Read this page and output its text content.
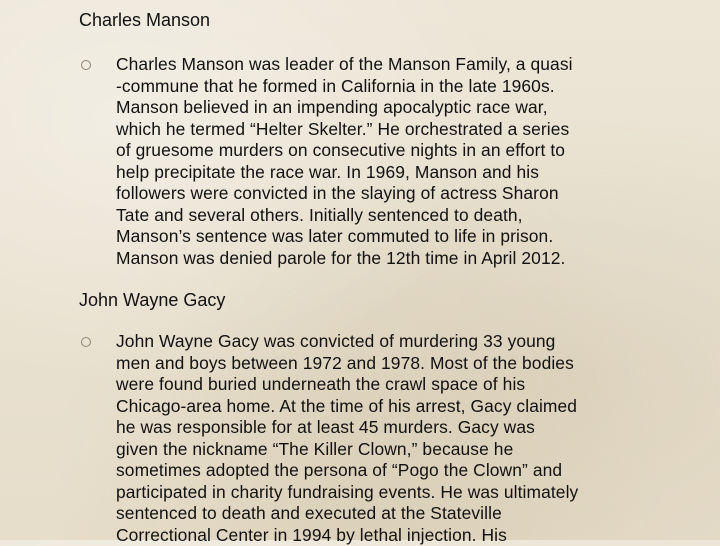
Charles Manson

Charles Manson was leader of the Manson Family, a quasi
-commune that he formed in California in the late 1960s.
Manson believed in an impending apocalyptic race war,
which he termed “Helter Skelter.” He orchestrated a series
of gruesome murders on consecutive nights in an effort to
help precipitate the race war. In 1969, Manson and his
followers were convicted in the slaying of actress Sharon
Tate and several others. Initially sentenced to death,
Manson’s sentence was later commuted to life in prison.
Manson was denied parole for the 12th time in April 2012.

John Wayne Gacy

John Wayne Gacy was convicted of murdering 33 young
men and boys between 1972 and 1978. Most of the bodies
were found buried underneath the crawl space of his
Chicago-area home. At the time of his arrest, Gacy claimed
he was responsible for at least 45 murders. Gacy was
given the nickname “The Killer Clown,” because he
sometimes adopted the persona of “Pogo the Clown” and
participated in charity fundraising events. He was ultimately
sentenced to death and executed at the Stateville
Correctional Center in 1994 by lethal injection. His
